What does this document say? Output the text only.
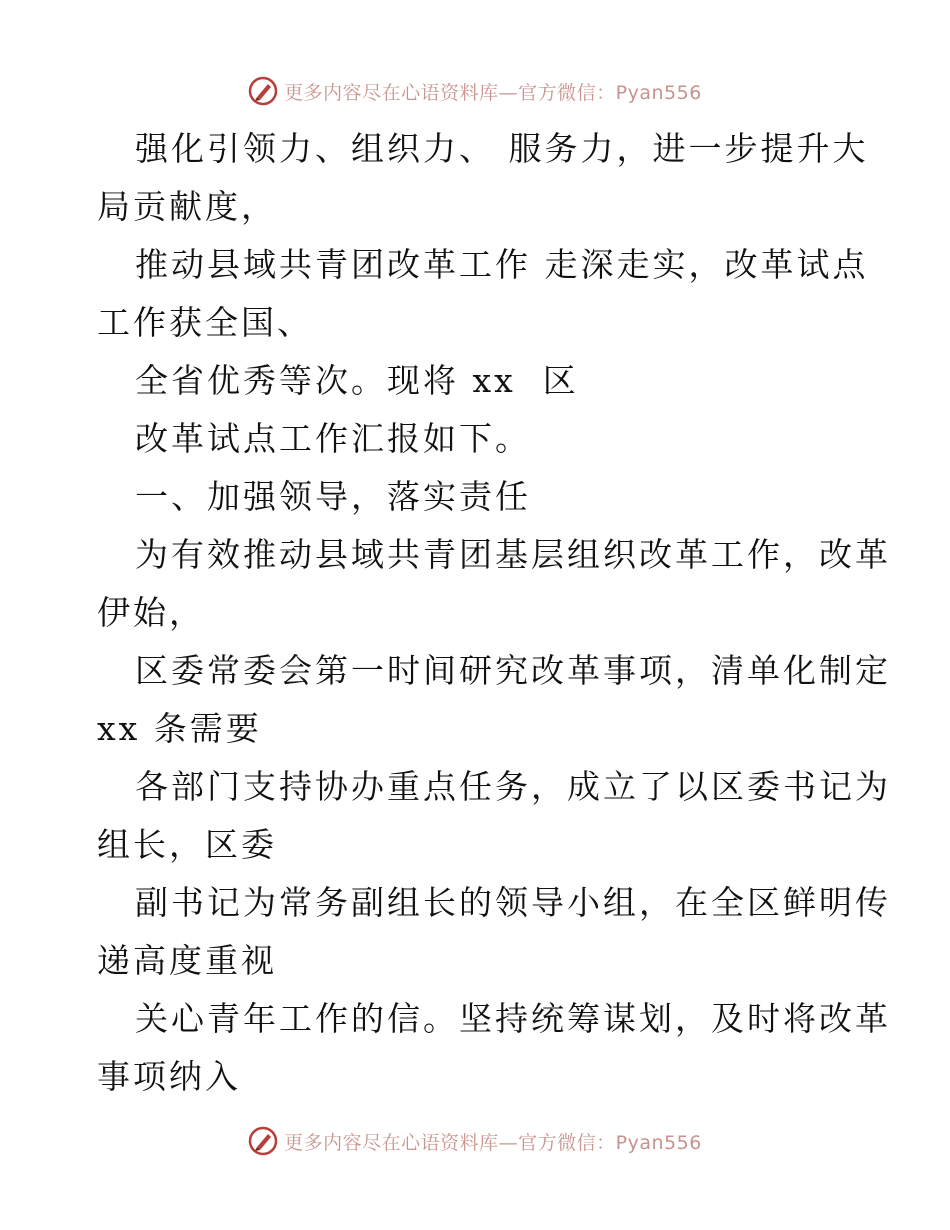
更多内容尽在心语资料库—官方微信：Pyan556

强化引领力、组织力、 服务力，进一步提升大
局贡献度，

推动县域共青团改革工作 走深走实，改革试点
工作获全国、

全省优秀等次。现将 xx  区

改革试点工作汇报如下。

一、加强领导，落实责任

为有效推动县域共青团基层组织改革工作，改革
伊始，

区委常委会第一时间研究改革事项，清单化制定
xx 条需要

各部门支持协办重点任务，成立了以区委书记为
组长，区委

副书记为常务副组长的领导小组，在全区鲜明传
递高度重视

关心青年工作的信。坚持统筹谋划，及时将改革
事项纳入

更多内容尽在心语资料库—官方微信：Pyan556
